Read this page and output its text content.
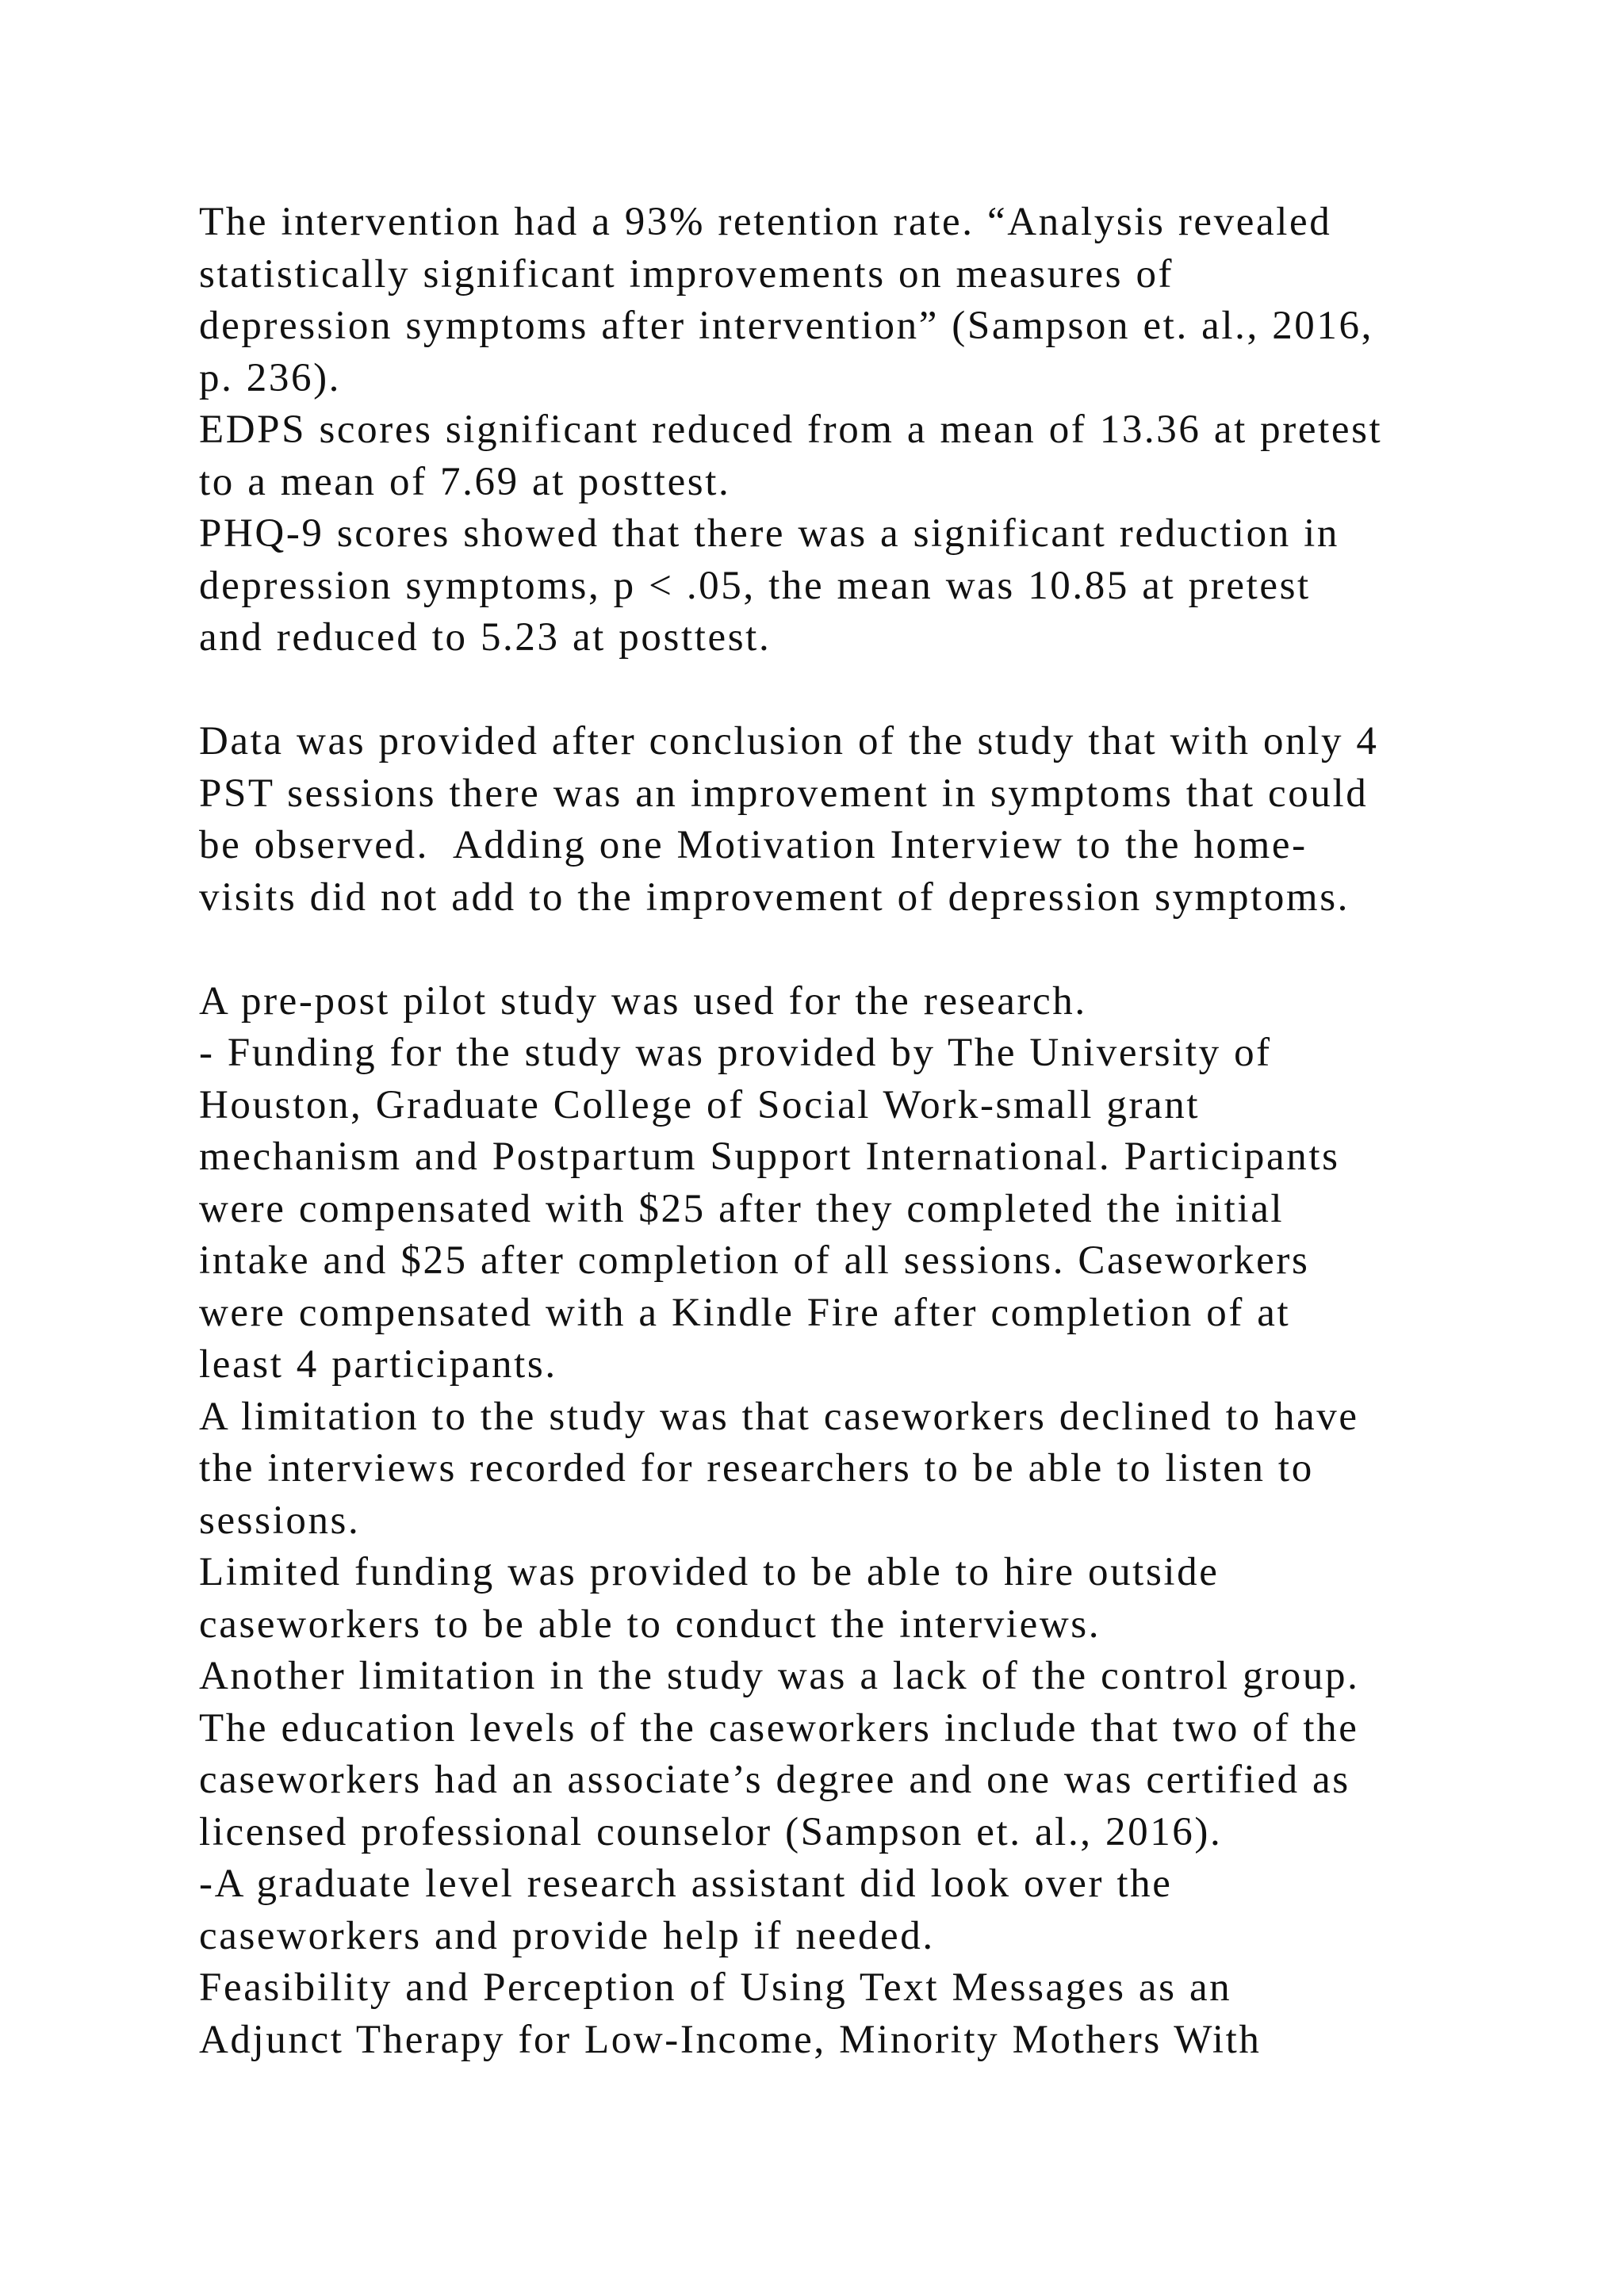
The intervention had a 93% retention rate. “Analysis revealed
statistically significant improvements on measures of
depression symptoms after intervention” (Sampson et. al., 2016,
p. 236).
EDPS scores significant reduced from a mean of 13.36 at pretest
to a mean of 7.69 at posttest.
PHQ-9 scores showed that there was a significant reduction in
depression symptoms, p < .05, the mean was 10.85 at pretest
and reduced to 5.23 at posttest.
Data was provided after conclusion of the study that with only 4
PST sessions there was an improvement in symptoms that could
be observed.  Adding one Motivation Interview to the home-
visits did not add to the improvement of depression symptoms.
A pre-post pilot study was used for the research.
- Funding for the study was provided by The University of
Houston, Graduate College of Social Work-small grant
mechanism and Postpartum Support International. Participants
were compensated with $25 after they completed the initial
intake and $25 after completion of all sessions. Caseworkers
were compensated with a Kindle Fire after completion of at
least 4 participants.
A limitation to the study was that caseworkers declined to have
the interviews recorded for researchers to be able to listen to
sessions.
Limited funding was provided to be able to hire outside
caseworkers to be able to conduct the interviews.
Another limitation in the study was a lack of the control group.
The education levels of the caseworkers include that two of the
caseworkers had an associate’s degree and one was certified as
licensed professional counselor (Sampson et. al., 2016).
-A graduate level research assistant did look over the
caseworkers and provide help if needed.
Feasibility and Perception of Using Text Messages as an
Adjunct Therapy for Low-Income, Minority Mothers With
